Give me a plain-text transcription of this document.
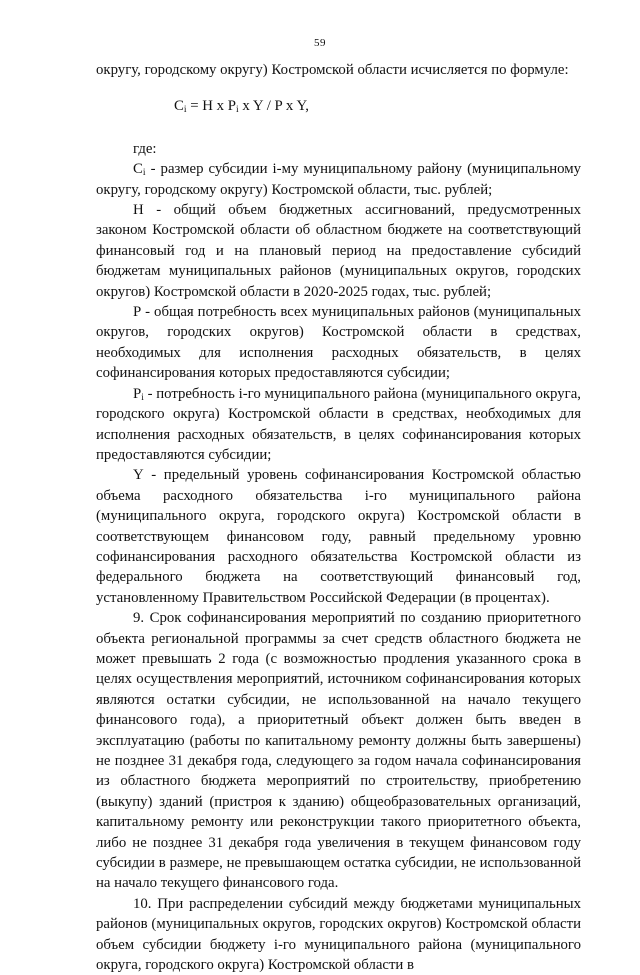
59

округу, городскому округу) Костромской области исчисляется по формуле:

$C_i = H$ x $P_i$ x Y / P x Y,

где:

$C_i$ - размер субсидии i-му муниципальному району (муниципальному округу, городскому округу) Костромской области, тыс. рублей;

H - общий объем бюджетных ассигнований, предусмотренных законом Костромской области об областном бюджете на соответствующий финансовый год и на плановый период на предоставление субсидий бюджетам муниципальных районов (муниципальных округов, городских округов) Костромской области в 2020-2025 годах, тыс. рублей;

P - общая потребность всех муниципальных районов (муниципальных округов, городских округов) Костромской области в средствах, необходимых для исполнения расходных обязательств, в целях софинансирования которых предоставляются субсидии;

$P_i$ - потребность i-го муниципального района (муниципального округа, городского округа) Костромской области в средствах, необходимых для исполнения расходных обязательств, в целях софинансирования которых предоставляются субсидии;

Y - предельный уровень софинансирования Костромской областью объема расходного обязательства i-го муниципального района (муниципального округа, городского округа) Костромской области в соответствующем финансовом году, равный предельному уровню софинансирования расходного обязательства Костромской области из федерального бюджета на соответствующий финансовый год, установленному Правительством Российской Федерации (в процентах).

9. Срок софинансирования мероприятий по созданию приоритетного объекта региональной программы за счет средств областного бюджета не может превышать 2 года (с возможностью продления указанного срока в целях осуществления мероприятий, источником софинансирования которых являются остатки субсидии, не использованной на начало текущего финансового года), а приоритетный объект должен быть введен в эксплуатацию (работы по капитальному ремонту должны быть завершены) не позднее 31 декабря года, следующего за годом начала софинансирования из областного бюджета мероприятий по строительству, приобретению (выкупу) зданий (пристроя к зданию) общеобразовательных организаций, капитальному ремонту или реконструкции такого приоритетного объекта, либо не позднее 31 декабря года увеличения в текущем финансовом году субсидии в размере, не превышающем остатка субсидии, не использованной на начало текущего финансового года.

10. При распределении субсидий между бюджетами муниципальных районов (муниципальных округов, городских округов) Костромской области объем субсидии бюджету i-го муниципального района (муниципального округа, городского округа) Костромской области в
